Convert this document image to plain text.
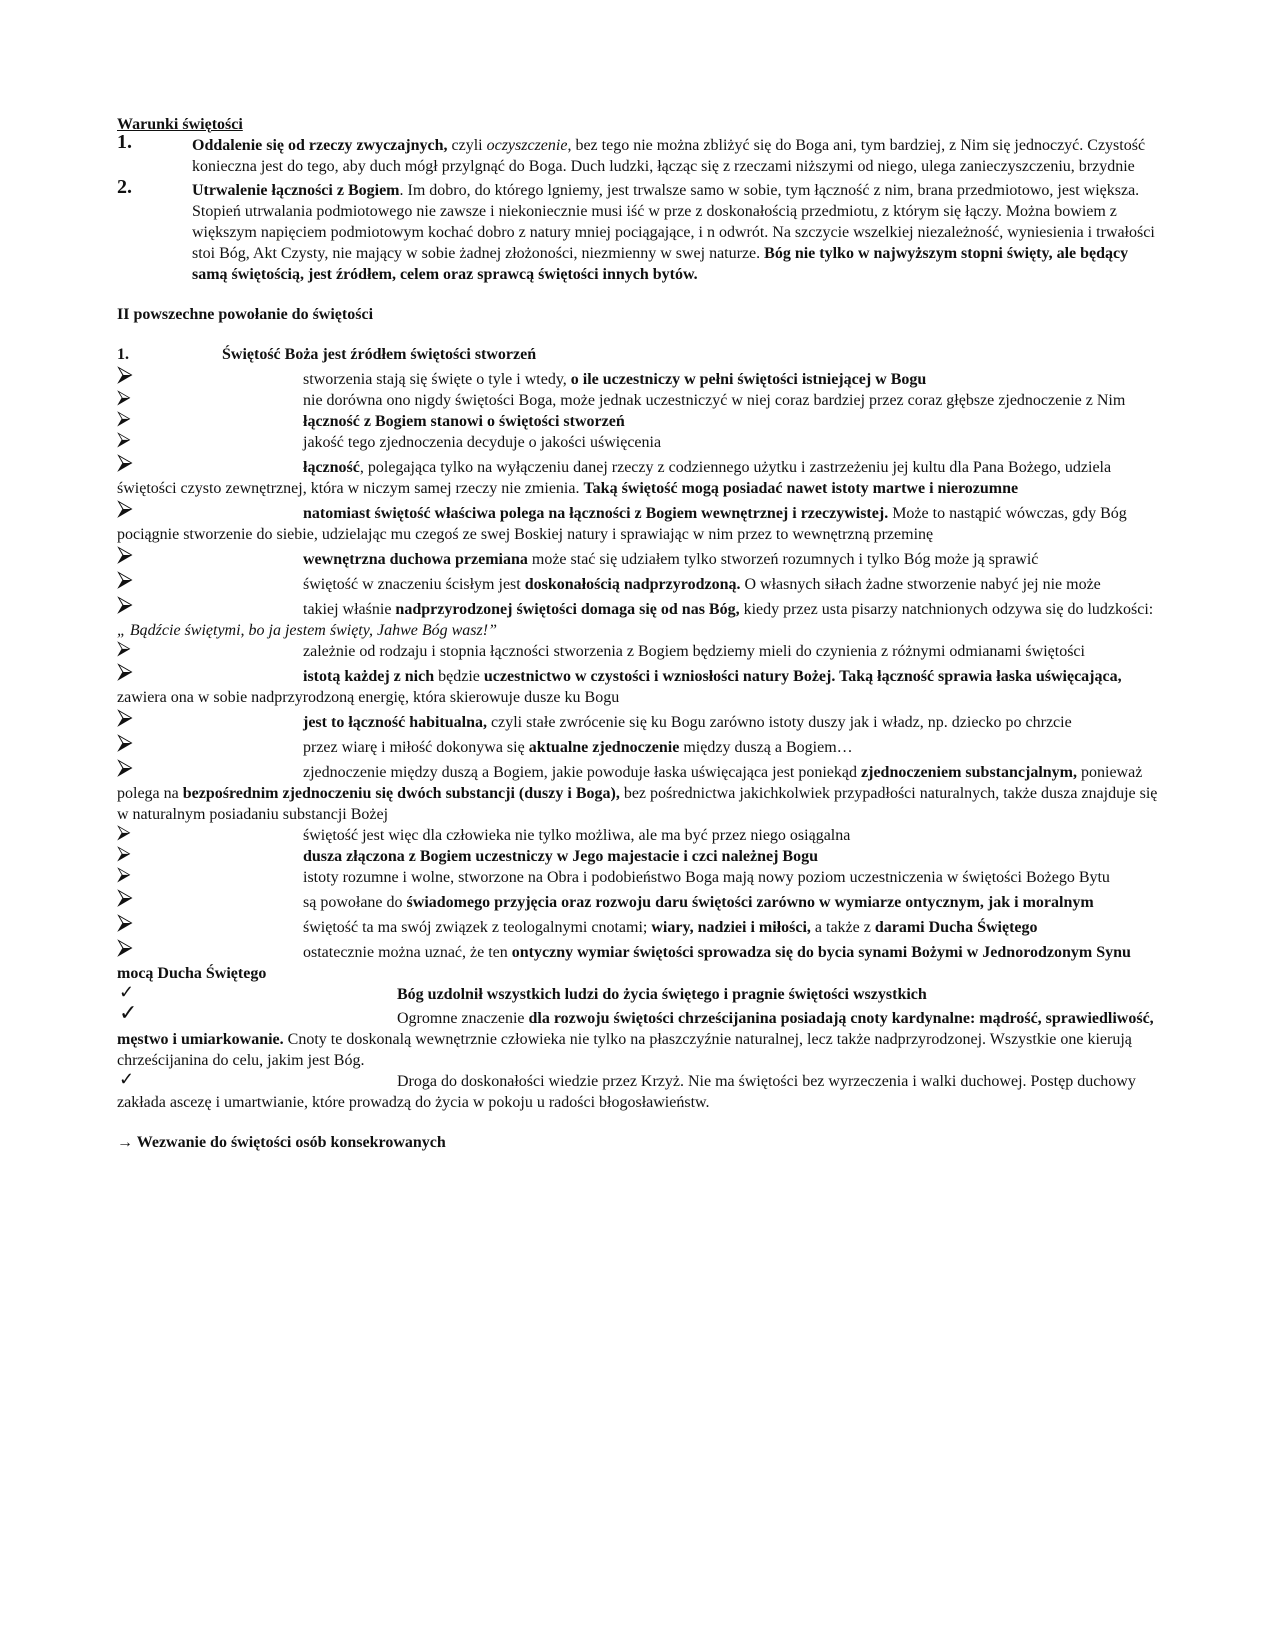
Warunki świętości

1.	Oddalenie się od rzeczy zwyczajnych, czyli oczyszczenie, bez tego nie można zbliżyć się do Boga ani, tym bardziej, z Nim się jednoczyć. Czystość konieczna jest do tego, aby duch mógł przylgnąć do Boga. Duch ludzki, łącząc się z rzeczami niższymi od niego, ulega zanieczyszczeniu, brzydnie

2.	Utrwalenie łączności z Bogiem. Im dobro, do którego lgniemy, jest trwalsze samo w sobie, tym łączność z nim, brana przedmiotowo, jest większa. Stopień utrwalania podmiotowego nie zawsze i niekoniecznie musi iść w prze z doskonałością przedmiotu, z którym się łączy. Można bowiem z większym napięciem podmiotowym kochać dobro z natury mniej pociągające, i n odwrót. Na szczycie wszelkiej niezależność, wyniesienia i trwałości stoi Bóg, Akt Czysty, nie mający w sobie żadnej złożoności, niezmienny w swej naturze. Bóg nie tylko w najwyższym stopni święty, ale będący samą świętością, jest źródłem, celem oraz sprawcą świętości innych bytów.

II powszechne powołanie do świętości

1.	Świętość Boża jest źródłem świętości stworzeń

⮚	stworzenia stają się święte o tyle i wtedy, o ile uczestniczy w pełni świętości istniejącej w Bogu

⮚	nie dorówna ono nigdy świętości Boga, może jednak uczestniczyć w niej coraz bardziej przez coraz głębsze zjednoczenie z Nim

⮚	łączność z Bogiem stanowi o świętości stworzeń

⮚	jakość tego zjednoczenia decyduje o jakości uświęcenia

⮚	łączność, polegająca tylko na wyłączeniu danej rzeczy z codziennego użytku i zastrzeżeniu jej kultu dla Pana Bożego, udziela świętości czysto zewnętrznej, która w niczym samej rzeczy nie zmienia. Taką świętość mogą posiadać nawet istoty martwe i nierozumne

⮚	natomiast świętość właściwa polega na łączności z Bogiem wewnętrznej i rzeczywistej. Może to nastąpić wówczas, gdy Bóg pociągnie stworzenie do siebie, udzielając mu czegoś ze swej Boskiej natury i sprawiając w nim przez to wewnętrzną przeminę

⮚	wewnętrzna duchowa przemiana może stać się udziałem tylko stworzeń rozumnych i tylko Bóg może ją sprawić

⮚	świętość w znaczeniu ścisłym jest doskonałością nadprzyrodzoną. O własnych siłach żadne stworzenie nabyć jej nie może

⮚	takiej właśnie nadprzyrodzonej świętości domaga się od nas Bóg, kiedy przez usta pisarzy natchnionych odzywa się do ludzkości: „ Bądźcie świętymi, bo ja jestem święty, Jahwe Bóg wasz!”

⮚	zależnie od rodzaju i stopnia łączności stworzenia z Bogiem będziemy mieli do czynienia z różnymi odmianami świętości

⮚	istotą każdej z nich będzie uczestnictwo w czystości i wzniosłości natury Bożej. Taką łączność sprawia łaska uświęcająca, zawiera ona w sobie nadprzyrodzoną energię, która skierowuje dusze ku Bogu

⮚	jest to łączność habitualna, czyli stałe zwrócenie się ku Bogu zarówno istoty duszy jak i władz, np. dziecko po chrzcie

⮚	przez wiarę i miłość dokonywa się aktualne zjednoczenie między duszą a Bogiem…

⮚	zjednoczenie między duszą a Bogiem, jakie powoduje łaska uświęcająca jest poniekąd zjednoczeniem substancjalnym, ponieważ polega na bezpośrednim zjednoczeniu się dwóch substancji (duszy i Boga), bez pośrednictwa jakichkolwiek przypadłości naturalnych, także dusza znajduje się w naturalnym posiadaniu substancji Bożej

⮚	świętość jest więc dla człowieka nie tylko możliwa, ale ma być przez niego osiągalna

⮚	dusza złączona z Bogiem uczestniczy w Jego majestacie i czci należnej Bogu

⮚	istoty rozumne i wolne, stworzone na Obra i podobieństwo Boga mają nowy poziom uczestniczenia w świętości Bożego Bytu

⮚	są powołane do świadomego przyjęcia oraz rozwoju daru świętości zarówno w wymiarze ontycznym, jak i moralnym

⮚	świętość ta ma swój związek z teologalnymi cnotami; wiary, nadziei i miłości, a także z darami Ducha Świętego

⮚	ostatecznie można uznać, że ten ontyczny wymiar świętości sprowadza się do bycia synami Bożymi w Jednorodzonym Synu mocą Ducha Świętego

✓	Bóg uzdolnił wszystkich ludzi do życia świętego i pragnie świętości wszystkich

✓	Ogromne znaczenie dla rozwoju świętości chrześcijanina posiadają cnoty kardynalne: mądrość, sprawiedliwość, męstwo i umiarkowanie. Cnoty te doskonalą wewnętrznie człowieka nie tylko na płaszczyźnie naturalnej, lecz także nadprzyrodzonej. Wszystkie one kierują chrześcijanina do celu, jakim jest Bóg.

✓	Droga do doskonałości wiedzie przez Krzyż. Nie ma świętości bez wyrzeczenia i walki duchowej. Postęp duchowy zakłada ascezę i umartwianie, które prowadzą do życia w pokoju u radości błogosławieństw.

→ Wezwanie do świętości osób konsekrowanych
